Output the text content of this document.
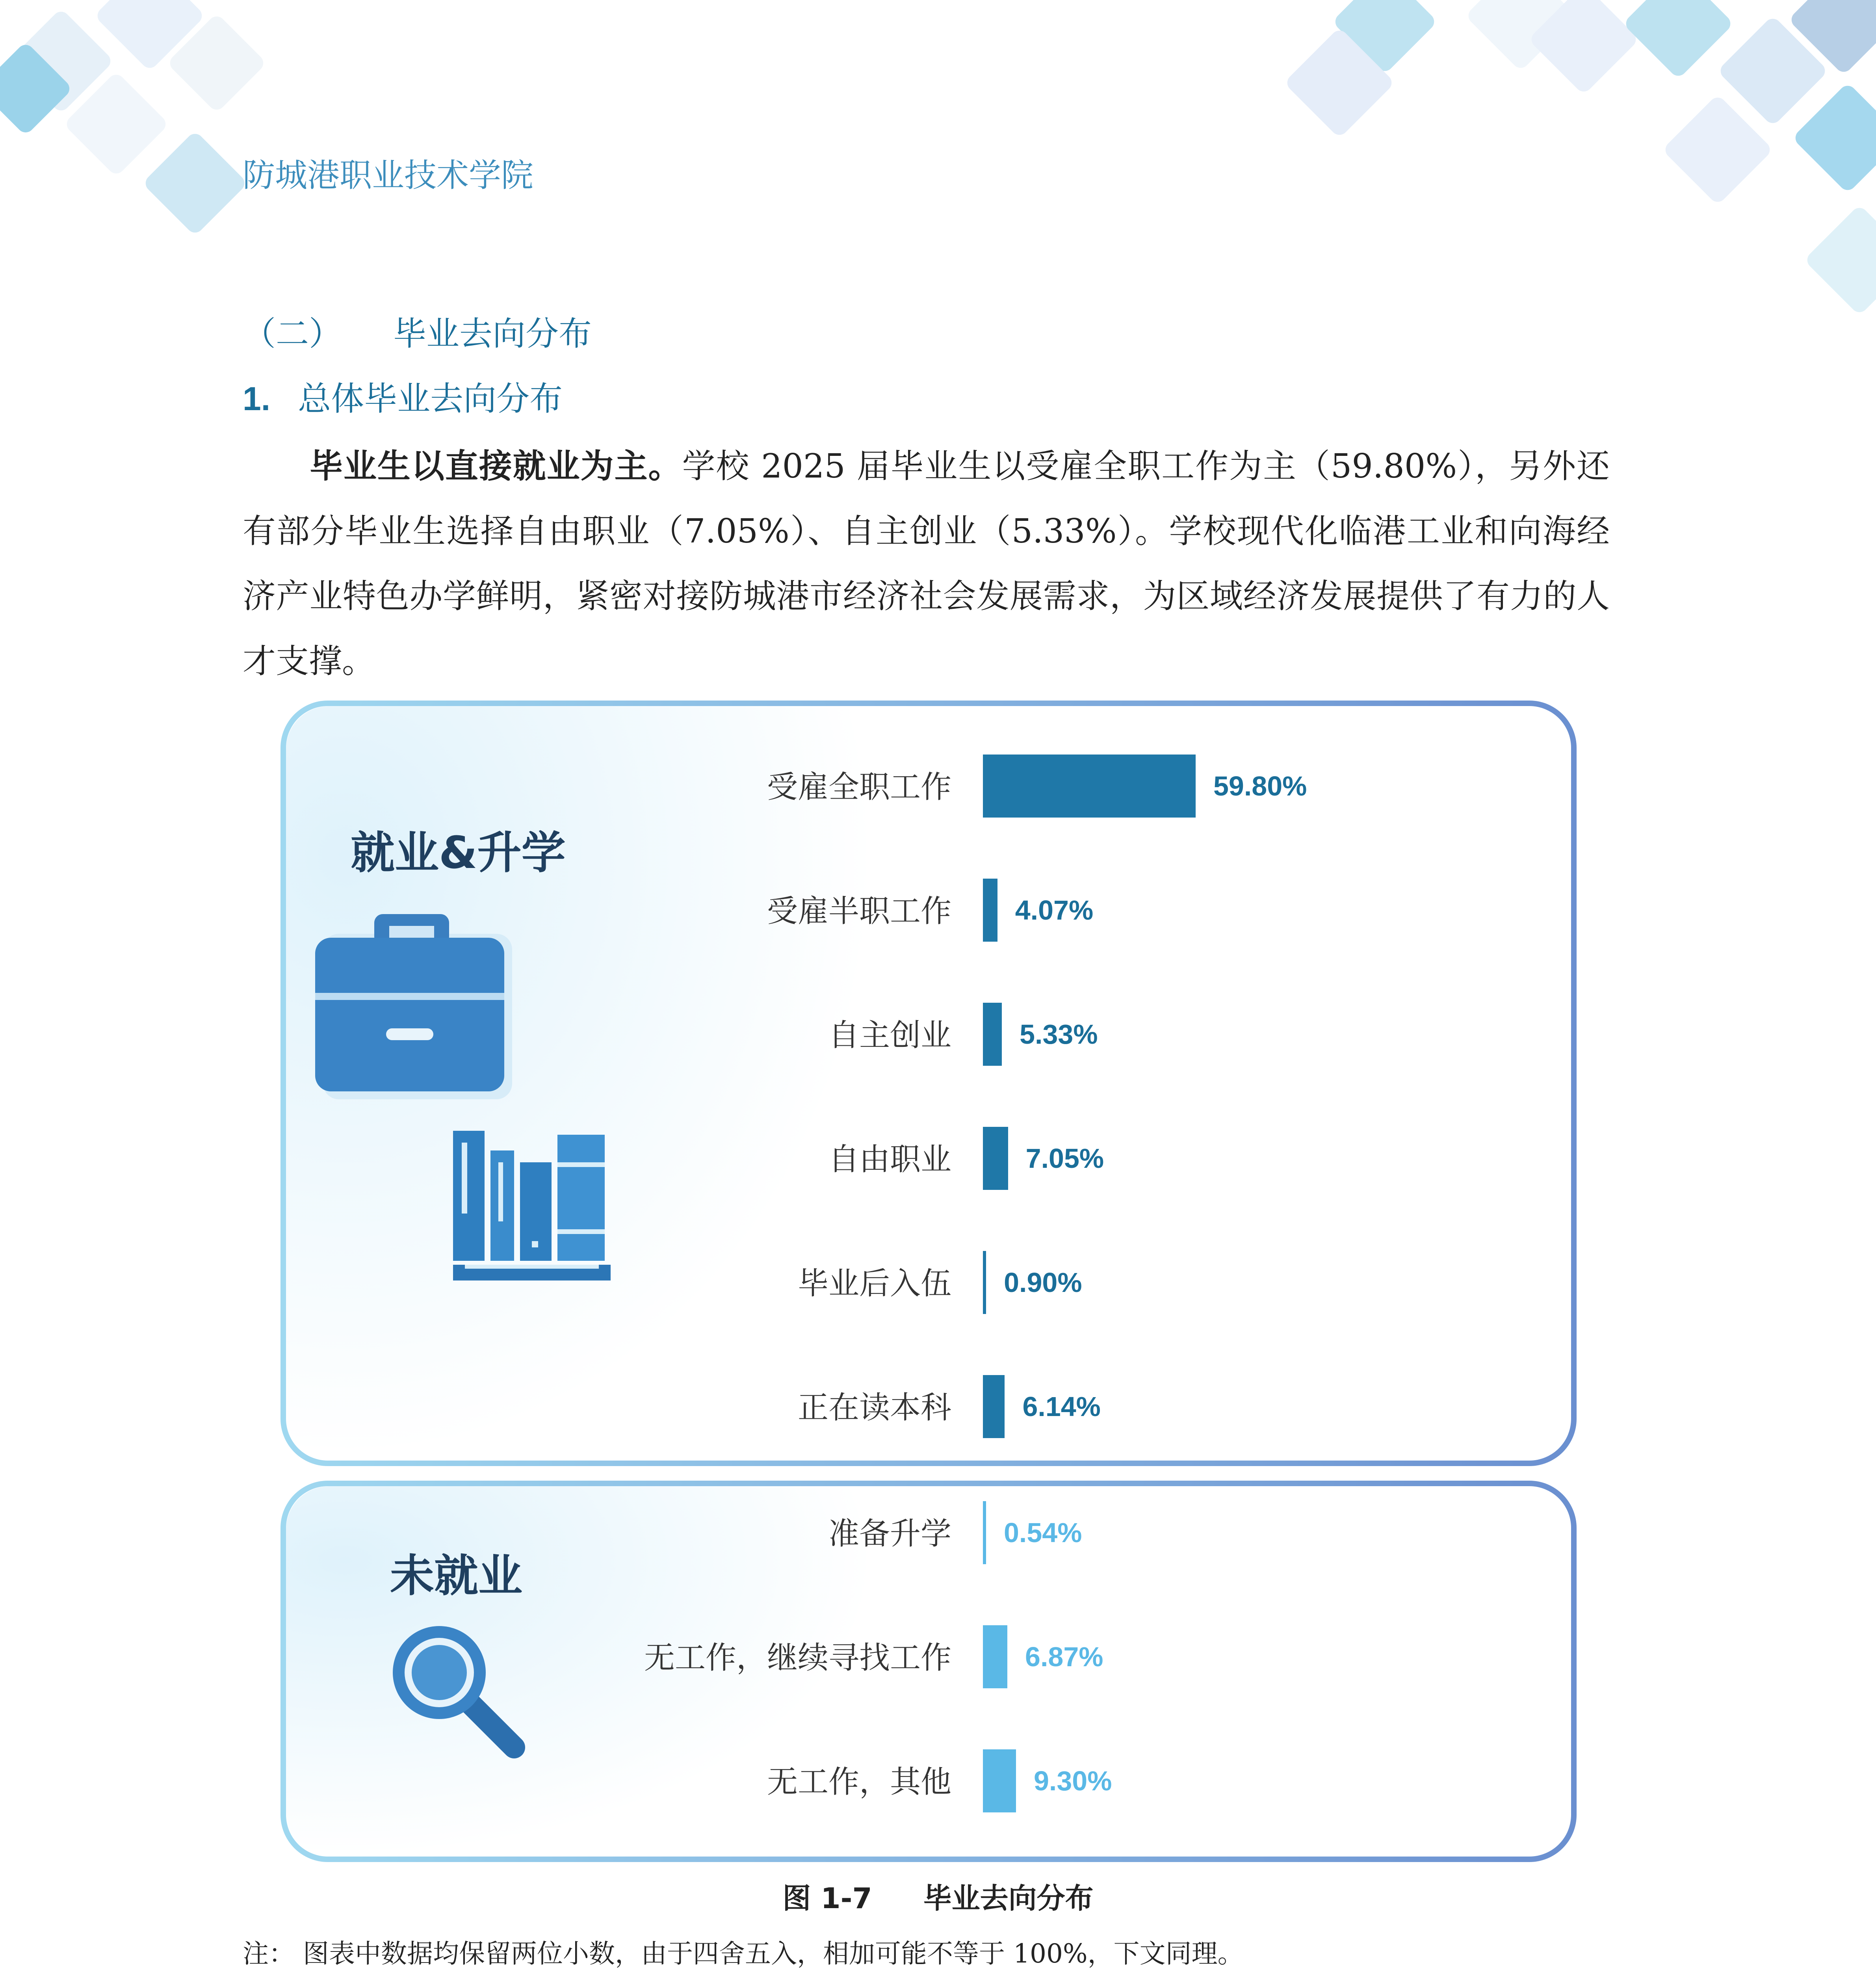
防城港职业技术学院
（二） 毕业去向分布
1. 总体毕业去向分布
毕业生以直接就业为主。学校 2025 届毕业生以受雇全职工作为主（59.80%），另外还有部分毕业生选择自由职业（7.05%）、自主创业（5.33%）。学校现代化临港工业和向海经济产业特色办学鲜明，紧密对接防城港市经济社会发展需求，为区域经济发展提供了有力的人才支撑。
就业&升学
未就业
受雇全职工作	59.80%
受雇半职工作 4.07%
自主创业 5.33%
自由职业	7.05%
毕业后入伍 0.90%
正在读本科	6.14%
准备升学 0.54%
无工作，继续寻找工作	6.87%
无工作，其他	9.30%
图 1-7 毕业去向分布
注： 图表中数据均保留两位小数，由于四舍五入，相加可能不等于 100%，下文同理。
